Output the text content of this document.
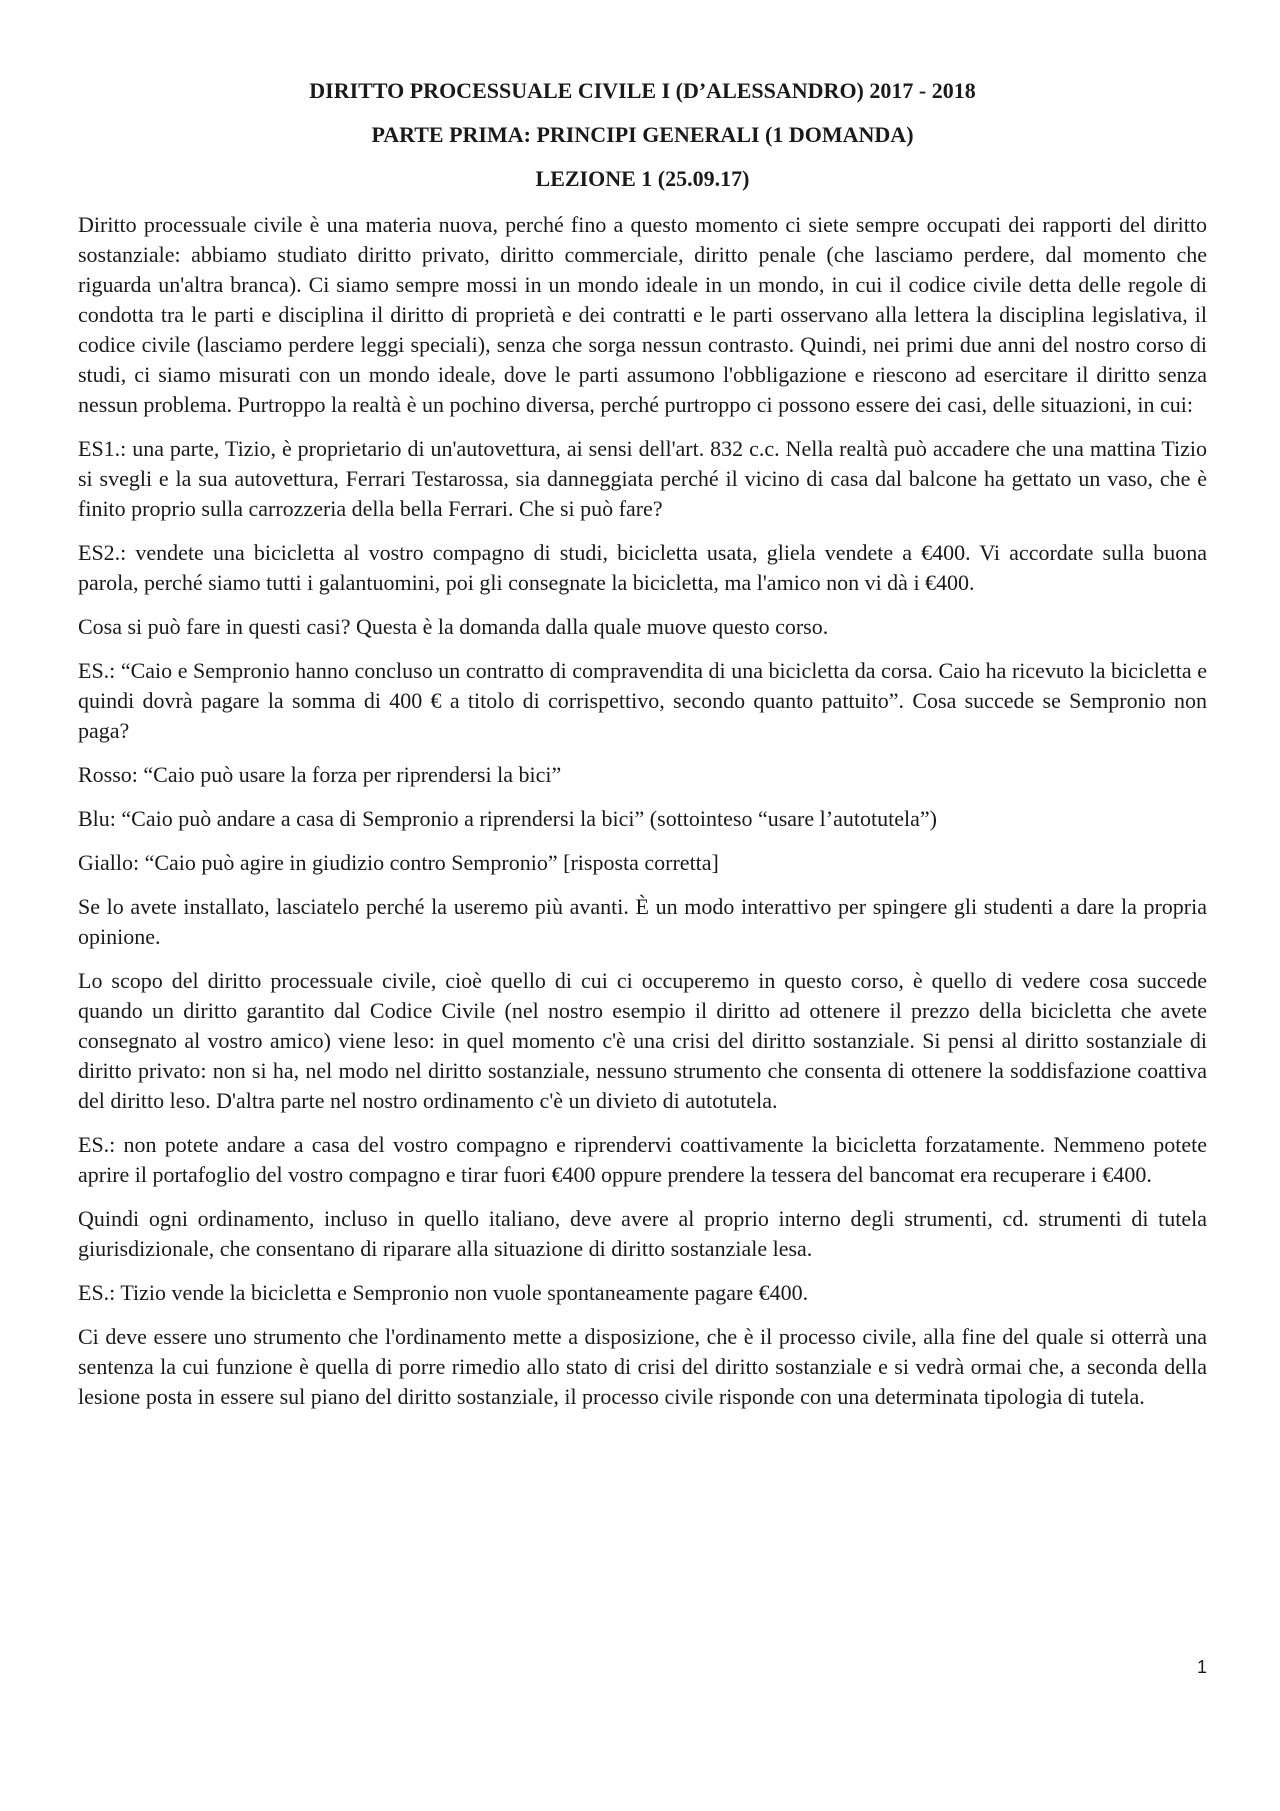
DIRITTO PROCESSUALE CIVILE I (D’ALESSANDRO) 2017 - 2018
PARTE PRIMA: PRINCIPI GENERALI (1 DOMANDA)
LEZIONE 1 (25.09.17)

Diritto processuale civile è una materia nuova, perché fino a questo momento ci siete sempre occupati dei rapporti del diritto sostanziale: abbiamo studiato diritto privato, diritto commerciale, diritto penale (che lasciamo perdere, dal momento che riguarda un'altra branca). Ci siamo sempre mossi in un mondo ideale in un mondo, in cui il codice civile detta delle regole di condotta tra le parti e disciplina il diritto di proprietà e dei contratti e le parti osservano alla lettera la disciplina legislativa, il codice civile (lasciamo perdere leggi speciali), senza che sorga nessun contrasto. Quindi, nei primi due anni del nostro corso di studi, ci siamo misurati con un mondo ideale, dove le parti assumono l'obbligazione e riescono ad esercitare il diritto senza nessun problema. Purtroppo la realtà è un pochino diversa, perché purtroppo ci possono essere dei casi, delle situazioni, in cui:

ES1.: una parte, Tizio, è proprietario di un'autovettura, ai sensi dell'art. 832 c.c. Nella realtà può accadere che una mattina Tizio si svegli e la sua autovettura, Ferrari Testarossa, sia danneggiata perché il vicino di casa dal balcone ha gettato un vaso, che è finito proprio sulla carrozzeria della bella Ferrari. Che si può fare?

ES2.: vendete una bicicletta al vostro compagno di studi, bicicletta usata, gliela vendete a €400. Vi accordate sulla buona parola, perché siamo tutti i galantuomini, poi gli consegnate la bicicletta, ma l'amico non vi dà i €400.

Cosa si può fare in questi casi? Questa è la domanda dalla quale muove questo corso.

ES.: “Caio e Sempronio hanno concluso un contratto di compravendita di una bicicletta da corsa. Caio ha ricevuto la bicicletta e quindi dovrà pagare la somma di 400 € a titolo di corrispettivo, secondo quanto pattuito”. Cosa succede se Sempronio non paga?

Rosso: “Caio può usare la forza per riprendersi la bici”

Blu: “Caio può andare a casa di Sempronio a riprendersi la bici” (sottointeso “usare l’autotutela”)

Giallo: “Caio può agire in giudizio contro Sempronio” [risposta corretta]

Se lo avete installato, lasciatelo perché la useremo più avanti. È un modo interattivo per spingere gli studenti a dare la propria opinione.

Lo scopo del diritto processuale civile, cioè quello di cui ci occuperemo in questo corso, è quello di vedere cosa succede quando un diritto garantito dal Codice Civile (nel nostro esempio il diritto ad ottenere il prezzo della bicicletta che avete consegnato al vostro amico) viene leso: in quel momento c'è una crisi del diritto sostanziale. Si pensi al diritto sostanziale di diritto privato: non si ha, nel modo nel diritto sostanziale, nessuno strumento che consenta di ottenere la soddisfazione coattiva del diritto leso. D'altra parte nel nostro ordinamento c'è un divieto di autotutela.

ES.: non potete andare a casa del vostro compagno e riprendervi coattivamente la bicicletta forzatamente. Nemmeno potete aprire il portafoglio del vostro compagno e tirar fuori €400 oppure prendere la tessera del bancomat era recuperare i €400.

Quindi ogni ordinamento, incluso in quello italiano, deve avere al proprio interno degli strumenti, cd. strumenti di tutela giurisdizionale, che consentano di riparare alla situazione di diritto sostanziale lesa.

ES.: Tizio vende la bicicletta e Sempronio non vuole spontaneamente pagare €400.

Ci deve essere uno strumento che l'ordinamento mette a disposizione, che è il processo civile, alla fine del quale si otterrà una sentenza la cui funzione è quella di porre rimedio allo stato di crisi del diritto sostanziale e si vedrà ormai che, a seconda della lesione posta in essere sul piano del diritto sostanziale, il processo civile risponde con una determinata tipologia di tutela.

1
